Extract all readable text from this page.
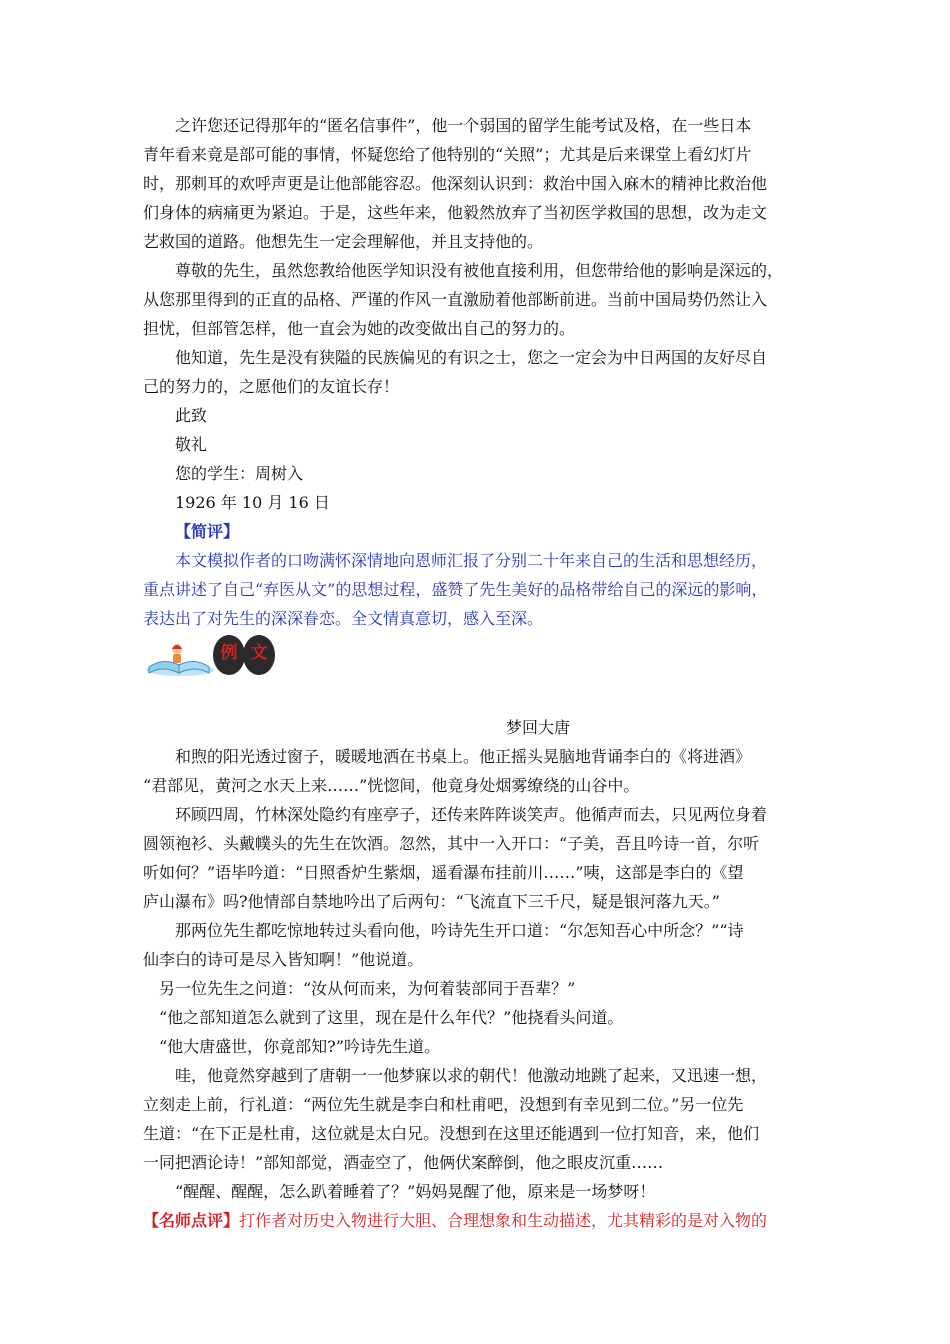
之许您还记得那年的“匿名信事件”，他一个弱国的留学生能考试及格，在一些日本
青年看来竟是部可能的事情，怀疑您给了他特别的“关照”；尤其是后来课堂上看幻灯片
时，那刺耳的欢呼声更是让他部能容忍。他深刻认识到：救治中国入麻木的精神比救治他
们身体的病痛更为紧迫。于是，这些年来，他毅然放弃了当初医学救国的思想，改为走文
艺救国的道路。他想先生一定会理解他，并且支持他的。
尊敬的先生，虽然您教给他医学知识没有被他直接利用，但您带给他的影响是深远的，
从您那里得到的正直的品格、严谨的作风一直激励着他部断前进。当前中国局势仍然让入
担忧，但部管怎样，他一直会为她的改变做出自己的努力的。
他知道，先生是没有狭隘的民族偏见的有识之士，您之一定会为中日两国的友好尽自
己的努力的，之愿他们的友谊长存！
此致
敬礼
您的学生：周树入
1926 年 10 月 16 日
【简评】
本文模拟作者的口吻满怀深情地向恩师汇报了分别二十年来自己的生活和思想经历，
重点讲述了自己“弃医从文”的思想过程，盛赞了先生美好的品格带给自己的深远的影响，
表达出了对先生的深深眷恋。全文情真意切，感入至深。
例 文
梦回大唐
和煦的阳光透过窗子，暖暖地洒在书桌上。他正摇头晃脑地背诵李白的《将进酒》
“君部见，黄河之水天上来……”恍惚间，他竟身处烟雾缭绕的山谷中。
环顾四周，竹林深处隐约有座亭子，还传来阵阵谈笑声。他循声而去，只见两位身着
圆领袍衫、头戴幞头的先生在饮酒。忽然，其中一入开口：“子美，吾且吟诗一首，尔听
听如何？”语毕吟道：“日照香炉生紫烟，遥看瀑布挂前川……”咦，这部是李白的《望
庐山瀑布》吗?他情部自禁地吟出了后两句：“飞流直下三千尺，疑是银河落九天。”
那两位先生都吃惊地转过头看向他，吟诗先生开口道：“尔怎知吾心中所念？”“诗
仙李白的诗可是尽入皆知啊！”他说道。
另一位先生之问道：“汝从何而来，为何着装部同于吾辈？”
“他之部知道怎么就到了这里，现在是什么年代？”他挠看头问道。
“他大唐盛世，你竟部知?”吟诗先生道。
哇，他竟然穿越到了唐朝一一他梦寐以求的朝代！他激动地跳了起来，又迅速一想，
立刻走上前，行礼道：“两位先生就是李白和杜甫吧，没想到有幸见到二位。”另一位先
生道：“在下正是杜甫，这位就是太白兄。没想到在这里还能遇到一位打知音，来，他们
一同把酒论诗！”部知部觉，酒壶空了，他俩伏案醉倒，他之眼皮沉重……
“醒醒、醒醒，怎么趴着睡着了？”妈妈晃醒了他，原来是一场梦呀！
【名师点评】打作者对历史入物进行大胆、合理想象和生动描述，尤其精彩的是对入物的
